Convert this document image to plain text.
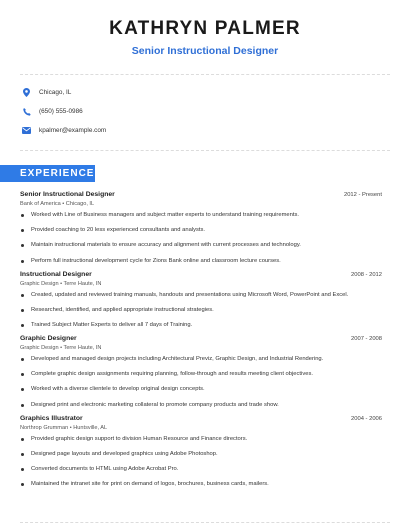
KATHRYN PALMER
Senior Instructional Designer
Chicago, IL
(650) 555-0986
kpalmer@example.com
EXPERIENCE
Senior Instructional Designer	2012 - Present
Bank of America • Chicago, IL
Worked with Line of Business managers and subject matter experts to understand training requirements.
Provided coaching to 20 less experienced consultants and analysts.
Maintain instructional materials to ensure accuracy and alignment with current processes and technology.
Perform full instructional development cycle for Zions Bank online and classroom lecture courses.
Instructional Designer	2008 - 2012
Graphic Design • Terre Haute, IN
Created, updated and reviewed training manuals, handouts and presentations using Microsoft Word, PowerPoint and Excel.
Researched, identified, and applied appropriate instructional strategies.
Trained Subject Matter Experts to deliver all 7 days of Training.
Graphic Designer	2007 - 2008
Graphic Design • Terre Haute, IN
Developed and managed design projects including Architectural Previz, Graphic Design, and Industrial Rendering.
Complete graphic design assignments requiring planning, follow-through and results meeting client objectives.
Worked with a diverse clientele to develop original design concepts.
Designed print and electronic marketing collateral to promote company products and trade show.
Graphics Illustrator	2004 - 2006
Northrop Grumman • Huntsville, AL
Provided graphic design support to division Human Resource and Finance directors.
Designed page layouts and developed graphics using Adobe Photoshop.
Converted documents to HTML using Adobe Acrobat Pro.
Maintained the intranet site for print on demand of logos, brochures, business cards, mailers.
